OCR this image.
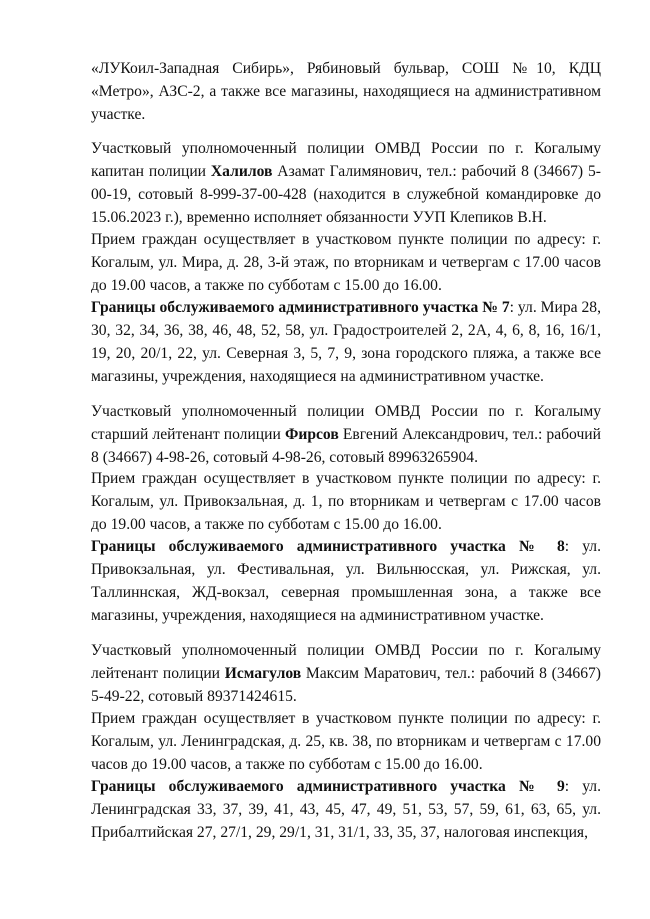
«ЛУКоил-Западная Сибирь», Рябиновый бульвар, СОШ №10, КДЦ «Метро», АЗС-2, а также все магазины, находящиеся на административном участке.

Участковый уполномоченный полиции ОМВД России по г. Когалыму капитан полиции Халилов Азамат Галимянович, тел.: рабочий 8 (34667) 5-00-19, сотовый 8-999-37-00-428 (находится в служебной командировке до 15.06.2023 г.), временно исполняет обязанности УУП Клепиков В.Н.

Прием граждан осуществляет в участковом пункте полиции по адресу: г. Когалым, ул. Мира, д. 28, 3-й этаж, по вторникам и четвергам с 17.00 часов до 19.00 часов, а также по субботам с 15.00 до 16.00.

Границы обслуживаемого административного участка № 7: ул. Мира 28, 30, 32, 34, 36, 38, 46, 48, 52, 58, ул. Градостроителей 2, 2А, 4, 6, 8, 16, 16/1, 19, 20, 20/1, 22, ул. Северная 3, 5, 7, 9, зона городского пляжа, а также все магазины, учреждения, находящиеся на административном участке.

Участковый уполномоченный полиции ОМВД России по г. Когалыму старший лейтенант полиции Фирсов Евгений Александрович, тел.: рабочий 8 (34667) 4-98-26, сотовый 4-98-26, сотовый 89963265904.

Прием граждан осуществляет в участковом пункте полиции по адресу: г. Когалым, ул. Привокзальная, д. 1, по вторникам и четвергам с 17.00 часов до 19.00 часов, а также по субботам с 15.00 до 16.00.

Границы обслуживаемого административного участка № 8: ул. Привокзальная, ул. Фестивальная, ул. Вильнюсская, ул. Рижская, ул. Таллиннская, ЖД-вокзал, северная промышленная зона, а также все магазины, учреждения, находящиеся на административном участке.

Участковый уполномоченный полиции ОМВД России по г. Когалыму лейтенант полиции Исмагулов Максим Маратович, тел.: рабочий 8 (34667) 5-49-22, сотовый 89371424615.

Прием граждан осуществляет в участковом пункте полиции по адресу: г. Когалым, ул. Ленинградская, д. 25, кв. 38, по вторникам и четвергам с 17.00 часов до 19.00 часов, а также по субботам с 15.00 до 16.00.

Границы обслуживаемого административного участка № 9: ул. Ленинградская 33, 37, 39, 41, 43, 45, 47, 49, 51, 53, 57, 59, 61, 63, 65, ул. Прибалтийская 27, 27/1, 29, 29/1, 31, 31/1, 33, 35, 37, налоговая инспекция,
